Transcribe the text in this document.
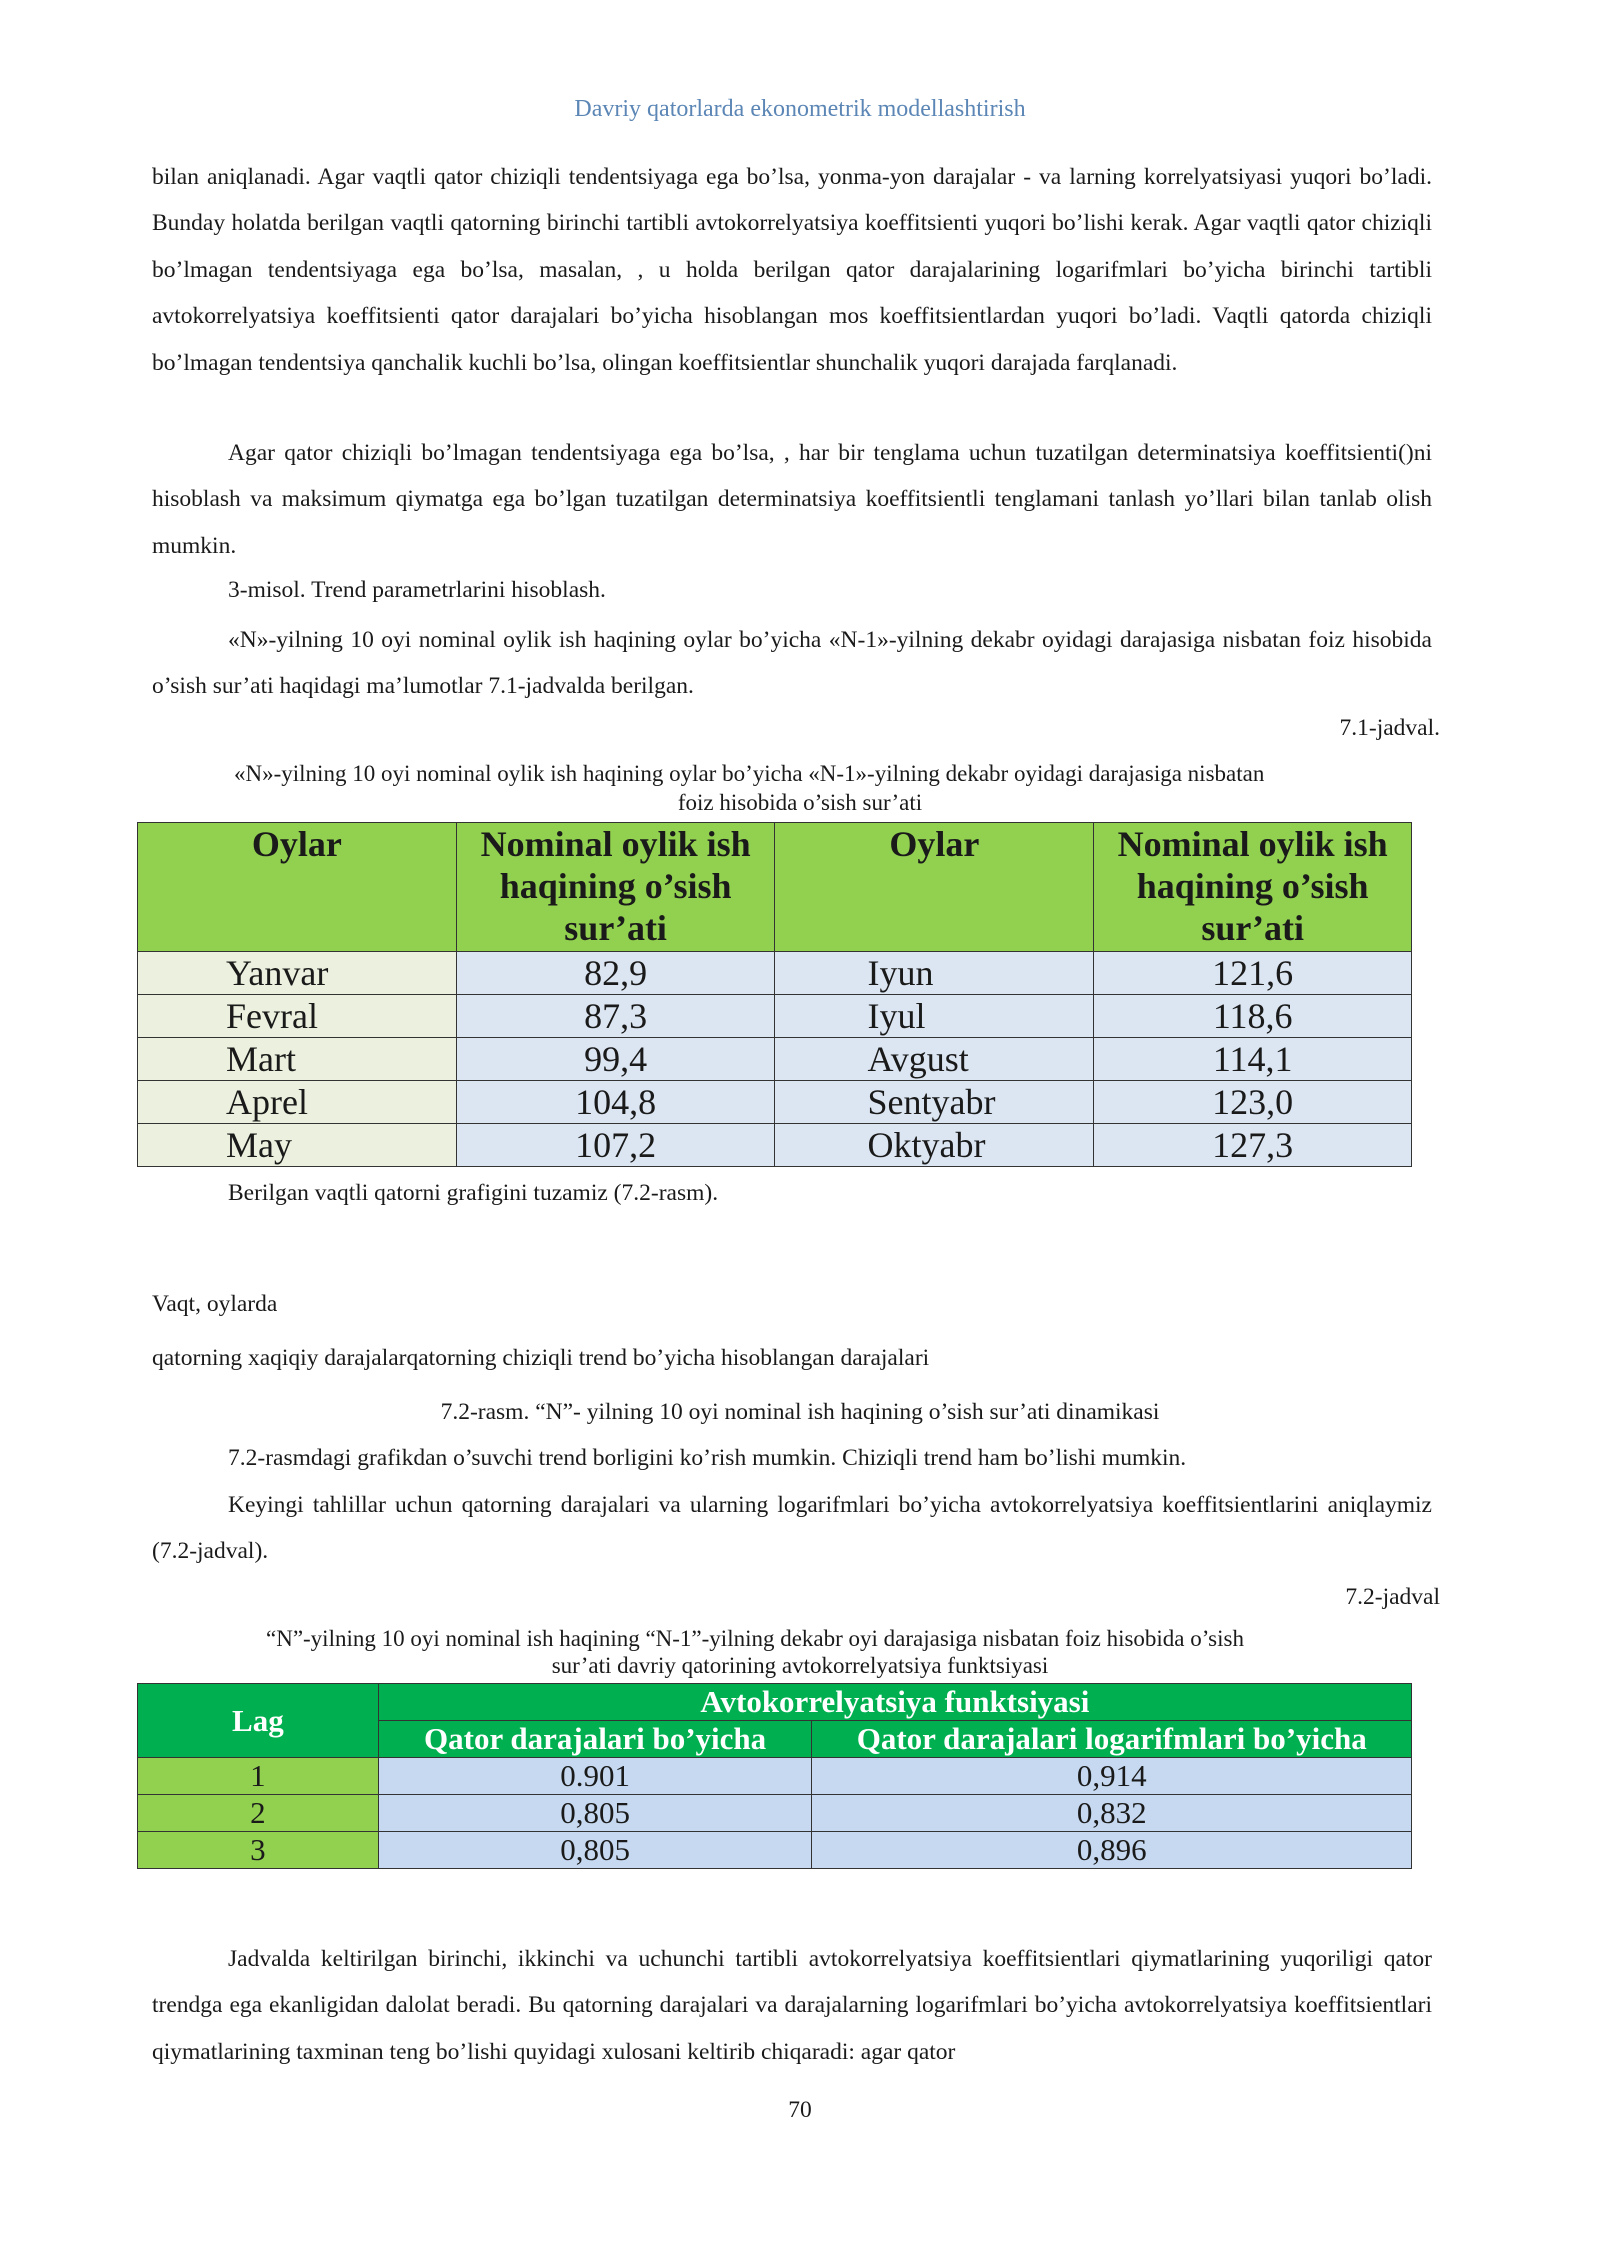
Davriy qatorlarda ekonometrik modellashtirish

bilan aniqlanadi. Agar vaqtli qator chiziqli tendentsiyaga ega bo’lsa, yonma-yon darajalar - va larning korrelyatsiyasi yuqori bo’ladi. Bunday holatda berilgan vaqtli qatorning birinchi tartibli avtokorrelyatsiya koeffitsienti yuqori bo’lishi kerak. Agar vaqtli qator chiziqli bo’lmagan tendentsiyaga ega bo’lsa, masalan, , u holda berilgan qator darajalarining logarifmlari bo’yicha birinchi tartibli avtokorrelyatsiya koeffitsienti qator darajalari bo’yicha hisoblangan mos koeffitsientlardan yuqori bo’ladi. Vaqtli qatorda chiziqli bo’lmagan tendentsiya qanchalik kuchli bo’lsa, olingan koeffitsientlar shunchalik yuqori darajada farqlanadi.

Agar qator chiziqli bo’lmagan tendentsiyaga ega bo’lsa, , har bir tenglama uchun tuzatilgan determinatsiya koeffitsienti()ni hisoblash va maksimum qiymatga ega bo’lgan tuzatilgan determinatsiya koeffitsientli tenglamani tanlash yo’llari bilan tanlab olish mumkin.

3-misol. Trend parametrlarini hisoblash.

«N»-yilning 10 oyi nominal oylik ish haqining oylar bo’yicha «N-1»-yilning dekabr oyidagi darajasiga nisbatan foiz hisobida o’sish sur’ati haqidagi ma’lumotlar 7.1-jadvalda berilgan.

7.1-jadval.

«N»-yilning 10 oyi nominal oylik ish haqining oylar bo’yicha «N-1»-yilning dekabr oyidagi darajasiga nisbatan

foiz hisobida o’sish sur’ati

Oylar	Nominal oylik ish haqining o’sish sur’ati	Oylar	Nominal oylik ish haqining o’sish sur’ati
Yanvar	82,9	Iyun	121,6
Fevral	87,3	Iyul	118,6
Mart	99,4	Avgust	114,1
Aprel	104,8	Sentyabr	123,0
May	107,2	Oktyabr	127,3

Berilgan vaqtli qatorni grafigini tuzamiz (7.2-rasm).

Vaqt, oylarda

qatorning xaqiqiy darajalarqatorning chiziqli trend bo’yicha hisoblangan darajalari

7.2-rasm. “N”- yilning 10 oyi nominal ish haqining o’sish sur’ati dinamikasi

7.2-rasmdagi grafikdan o’suvchi trend borligini ko’rish mumkin. Chiziqli trend ham bo’lishi mumkin.

Keyingi tahlillar uchun qatorning darajalari va ularning logarifmlari bo’yicha avtokorrelyatsiya koeffitsientlarini aniqlaymiz (7.2-jadval).

7.2-jadval

“N”-yilning 10 oyi nominal ish haqining “N-1”-yilning dekabr oyi darajasiga nisbatan foiz hisobida o’sish

sur’ati davriy qatorining avtokorrelyatsiya funktsiyasi

Lag	Avtokorrelyatsiya funktsiyasi	
	Qator darajalari bo’yicha	Qator darajalari logarifmlari bo’yicha
1	0.901	0,914
2	0,805	0,832
3	0,805	0,896

Jadvalda keltirilgan birinchi, ikkinchi va uchunchi tartibli avtokorrelyatsiya koeffitsientlari qiymatlarining yuqoriligi qator trendga ega ekanligidan dalolat beradi. Bu qatorning darajalari va darajalarning logarifmlari bo’yicha avtokorrelyatsiya koeffitsientlari qiymatlarining taxminan teng bo’lishi quyidagi xulosani keltirib chiqaradi: agar qator

70
